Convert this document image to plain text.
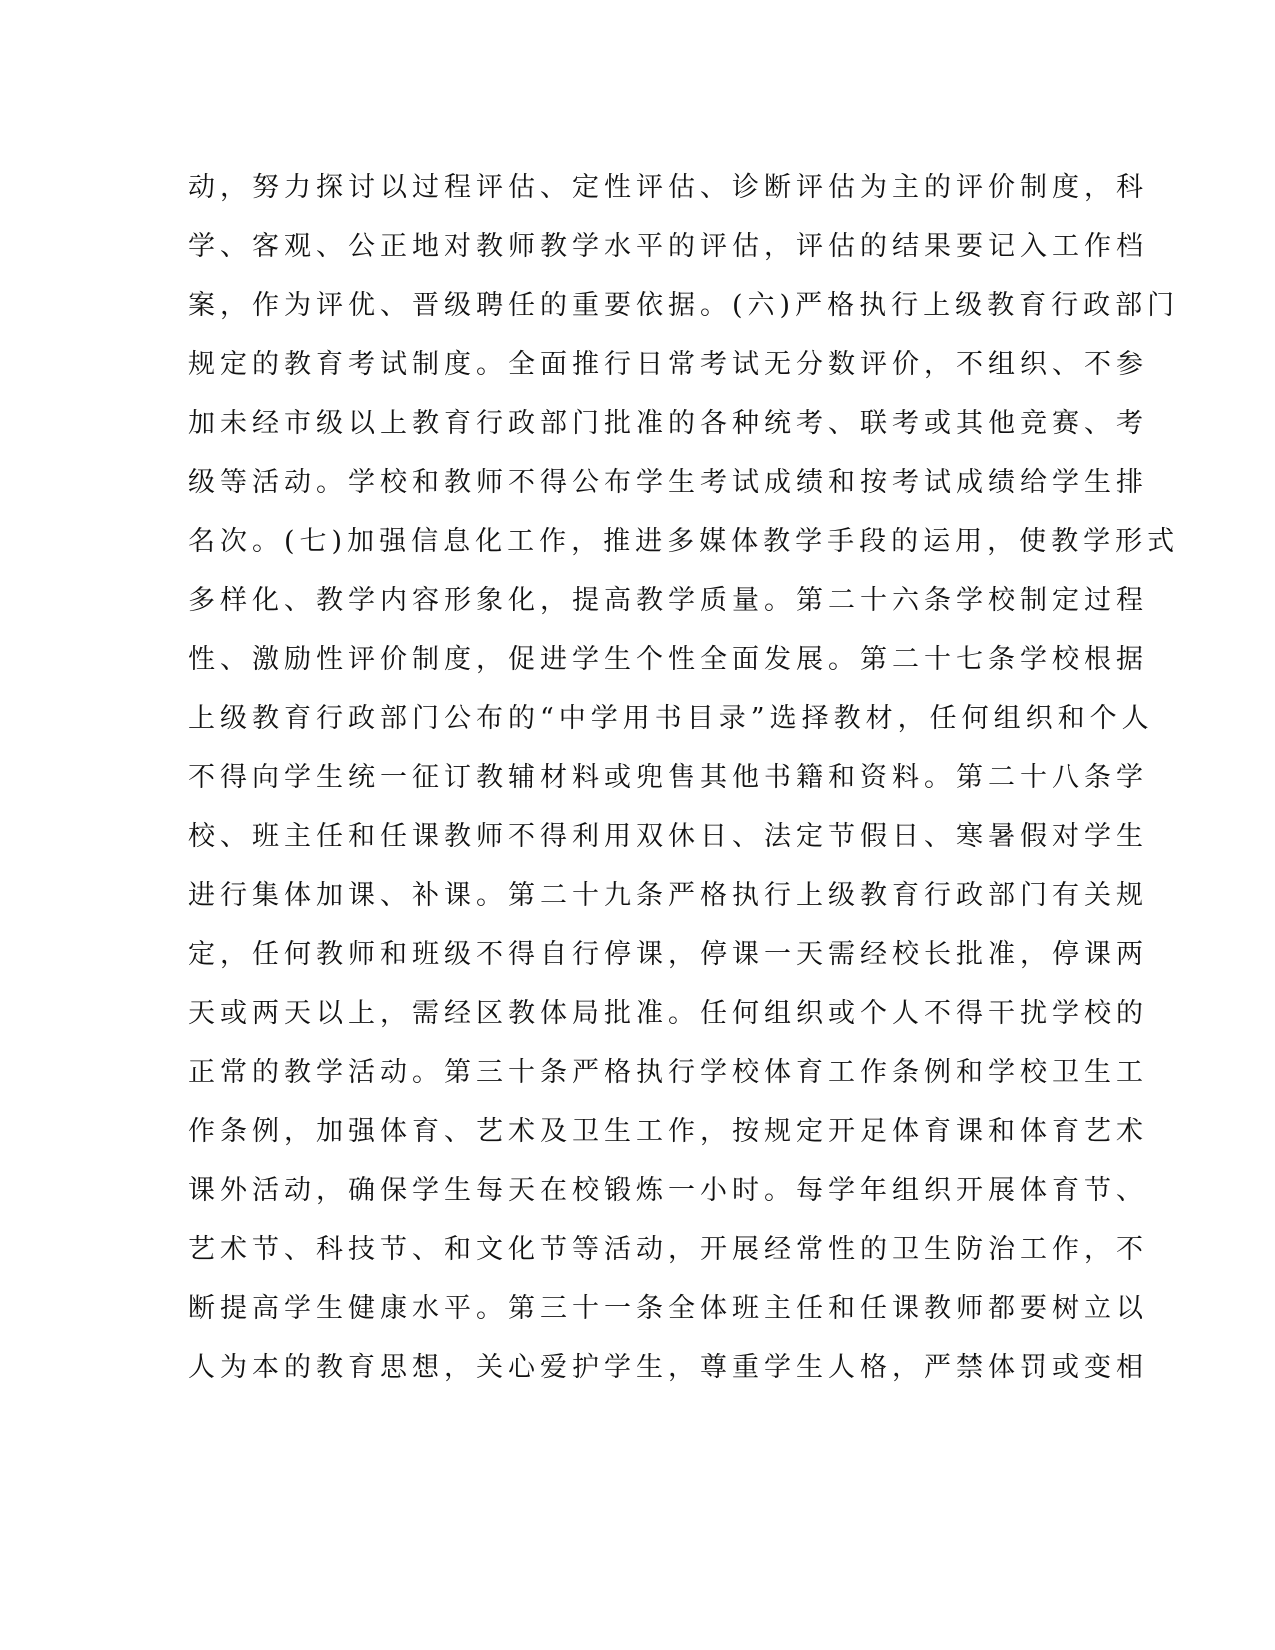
动，努力探讨以过程评估、定性评估、诊断评估为主的评价制度，科
学、客观、公正地对教师教学水平的评估，评估的结果要记入工作档
案，作为评优、晋级聘任的重要依据。(六)严格执行上级教育行政部门
规定的教育考试制度。全面推行日常考试无分数评价，不组织、不参
加未经市级以上教育行政部门批准的各种统考、联考或其他竞赛、考
级等活动。学校和教师不得公布学生考试成绩和按考试成绩给学生排
名次。(七)加强信息化工作，推进多媒体教学手段的运用，使教学形式
多样化、教学内容形象化，提高教学质量。第二十六条学校制定过程
性、激励性评价制度，促进学生个性全面发展。第二十七条学校根据
上级教育行政部门公布的“中学用书目录”选择教材，任何组织和个人
不得向学生统一征订教辅材料或兜售其他书籍和资料。第二十八条学
校、班主任和任课教师不得利用双休日、法定节假日、寒暑假对学生
进行集体加课、补课。第二十九条严格执行上级教育行政部门有关规
定，任何教师和班级不得自行停课，停课一天需经校长批准，停课两
天或两天以上，需经区教体局批准。任何组织或个人不得干扰学校的
正常的教学活动。第三十条严格执行学校体育工作条例和学校卫生工
作条例，加强体育、艺术及卫生工作，按规定开足体育课和体育艺术
课外活动，确保学生每天在校锻炼一小时。每学年组织开展体育节、
艺术节、科技节、和文化节等活动，开展经常性的卫生防治工作，不
断提高学生健康水平。第三十一条全体班主任和任课教师都要树立以
人为本的教育思想，关心爱护学生，尊重学生人格，严禁体罚或变相
